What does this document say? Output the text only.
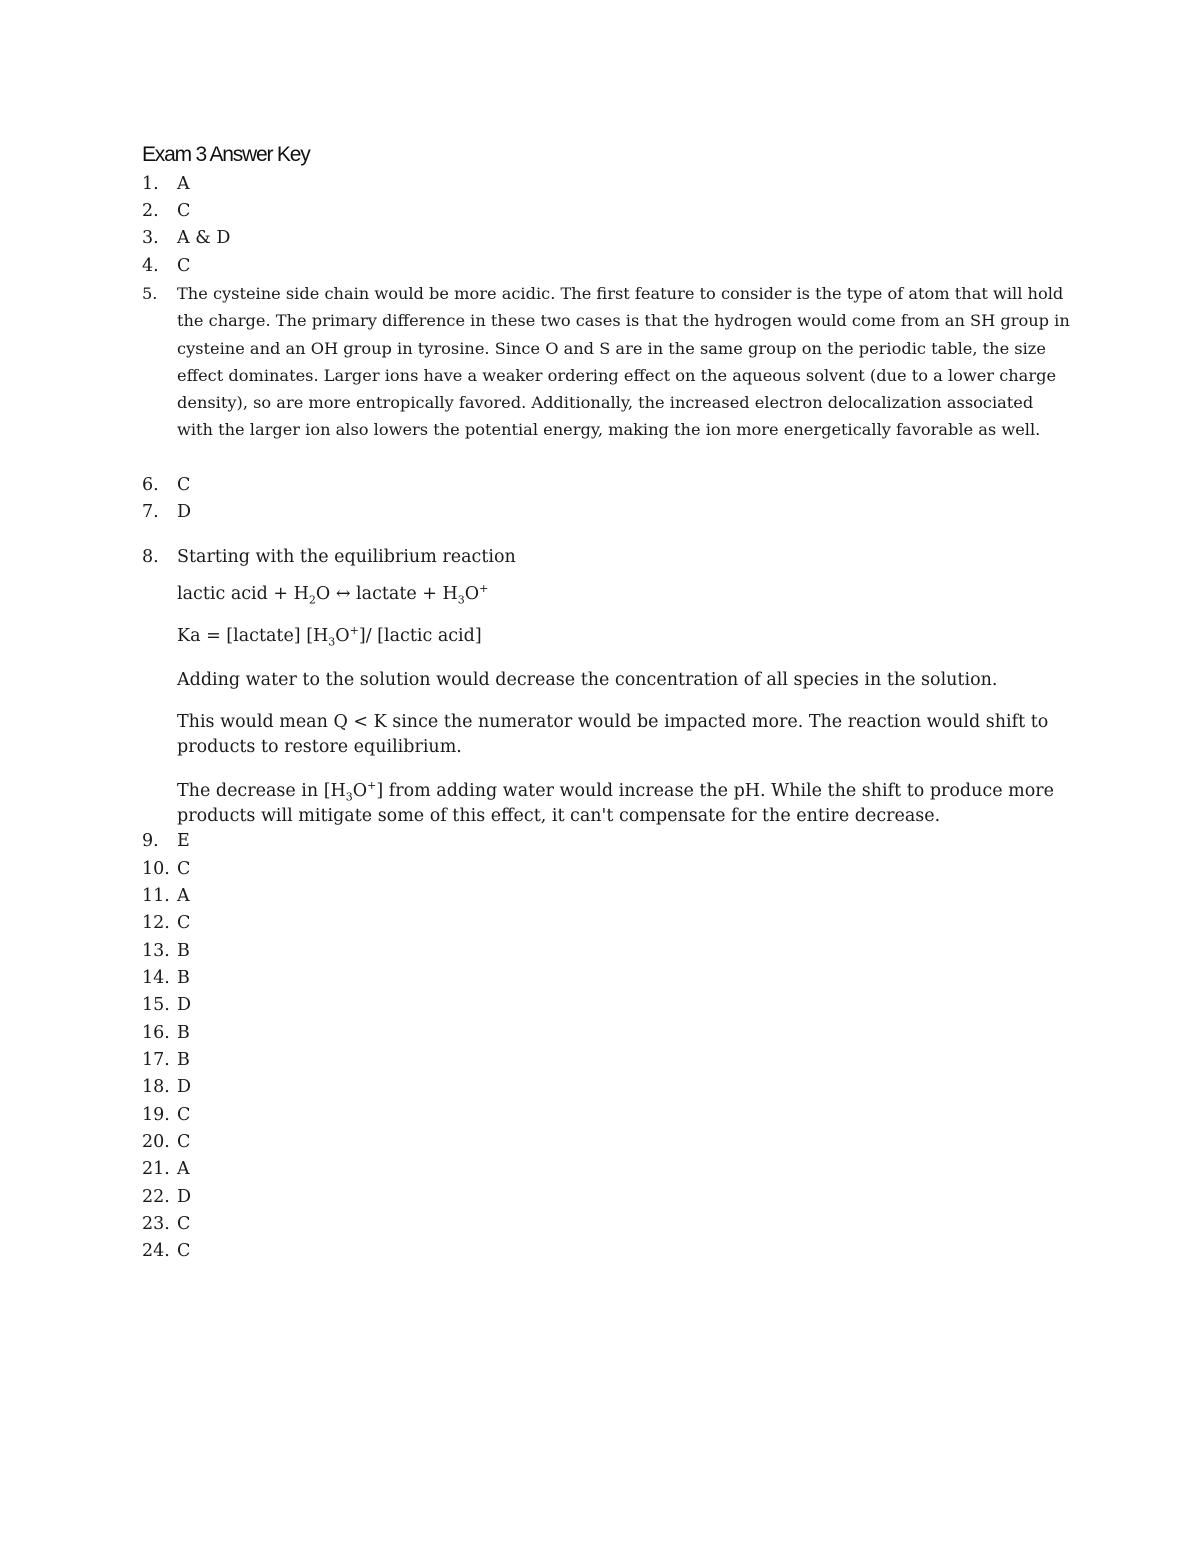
Exam 3 Answer Key
1. A
2. C
3. A & D
4. C
5. The cysteine side chain would be more acidic. The first feature to consider is the type of atom that will hold the charge. The primary difference in these two cases is that the hydrogen would come from an SH group in cysteine and an OH group in tyrosine. Since O and S are in the same group on the periodic table, the size effect dominates. Larger ions have a weaker ordering effect on the aqueous solvent (due to a lower charge density), so are more entropically favored. Additionally, the increased electron delocalization associated with the larger ion also lowers the potential energy, making the ion more energetically favorable as well.
6. C
7. D
8. Starting with the equilibrium reaction
lactic acid + $H_2O$ ↔ lactate + $H_3O^+$
Ka = [lactate] $[H_3O^+]/$ [lactic acid]
Adding water to the solution would decrease the concentration of all species in the solution.
This would mean Q < K since the numerator would be impacted more. The reaction would shift to products to restore equilibrium.
The decrease in $[H_3O^+]$ from adding water would increase the pH. While the shift to produce more products will mitigate some of this effect, it can't compensate for the entire decrease.
9. E
10. C
11. A
12. C
13. B
14. B
15. D
16. B
17. B
18. D
19. C
20. C
21. A
22. D
23. C
24. C
